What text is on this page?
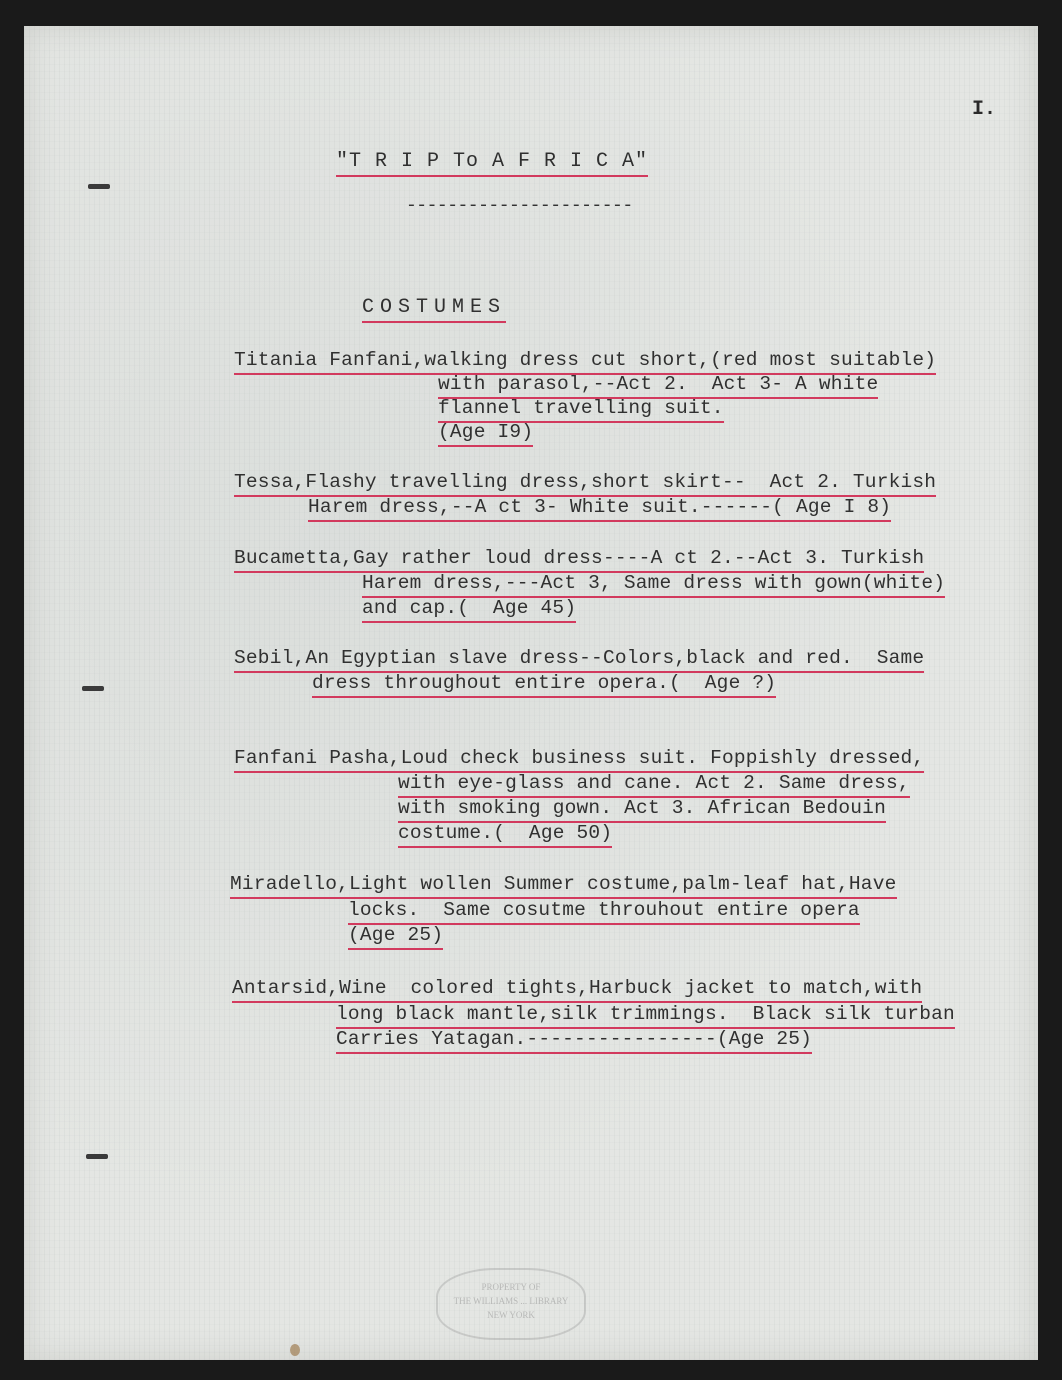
I.
"T R I P To A F R I C A"
----------------------
COSTUMES
Titania Fanfani,walking dress cut short,(red most suitable)
with parasol,--Act 2.  Act 3- A white
flannel travelling suit.
(Age I9)
Tessa,Flashy travelling dress,short skirt--  Act 2. Turkish
Harem dress,--A ct 3- White suit.------( Age I 8)
Bucametta,Gay rather loud dress----A ct 2.--Act 3. Turkish
Harem dress,---Act 3, Same dress with gown(white)
and cap.(  Age 45)
Sebil,An Egyptian slave dress--Colors,black and red.  Same
dress throughout entire opera.(  Age ?)
Fanfani Pasha,Loud check business suit. Foppishly dressed,
with eye-glass and cane. Act 2. Same dress,
with smoking gown. Act 3. African Bedouin
costume.(  Age 50)
Miradello,Light wollen Summer costume,palm-leaf hat,Have
locks.  Same cosutme throuhout entire opera
(Age 25)
Antarsid,Wine  colored tights,Harbuck jacket to match,with
long black mantle,silk trimmings.  Black silk turban
Carries Yatagan.----------------(Age 25)
PROPERTY OF
THE WILLIAMS ... LIBRARY
NEW YORK
